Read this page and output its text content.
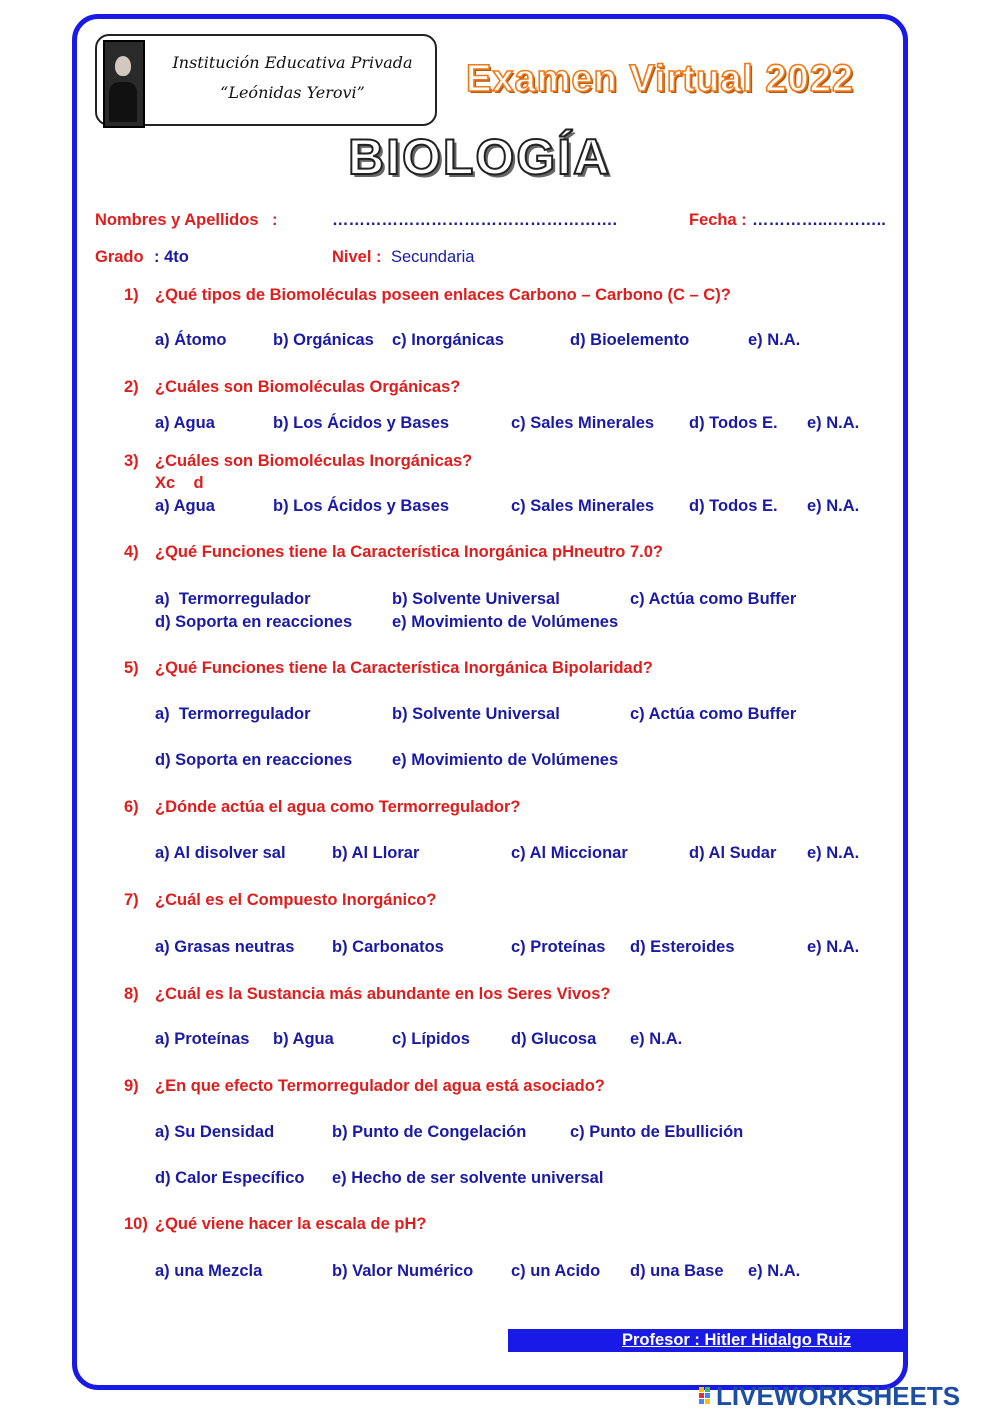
Institución Educativa Privada
“Leónidas Yerovi”	Examen Virtual 2022
BIOLOGÍA
Nombres y Apellidos :	…………………………………………….	Fecha : …………..………..
Grado : 4to	Nivel : Secundaria
1) ¿Qué tipos de Biomoléculas poseen enlaces Carbono – Carbono (C – C)?
a) Átomo	b) Orgánicas c) Inorgánicas	d) Bioelemento	e) N.A.
2) ¿Cuáles son Biomoléculas Orgánicas?
a) Agua	b) Los Ácidos y Bases	c) Sales Minerales d) Todos E. e) N.A.
3) ¿Cuáles son Biomoléculas Inorgánicas?
Xc    d
a) Agua	b) Los Ácidos y Bases	c) Sales Minerales d) Todos E. e) N.A.
4) ¿Qué Funciones tiene la Característica Inorgánica pHneutro 7.0?
a)  Termorregulador	b) Solvente Universal	c) Actúa como Buffer
d) Soporta en reacciones e) Movimiento de Volúmenes
5) ¿Qué Funciones tiene la Característica Inorgánica Bipolaridad?
a)  Termorregulador	b) Solvente Universal	c) Actúa como Buffer
d) Soporta en reacciones e) Movimiento de Volúmenes
6) ¿Dónde actúa el agua como Termorregulador?
a) Al disolver sal	b) Al Llorar	c) Al Miccionar	d) Al Sudar e) N.A.
7) ¿Cuál es el Compuesto Inorgánico?
a) Grasas neutras b) Carbonatos	c) Proteínas d) Esteroides	e) N.A.
8) ¿Cuál es la Sustancia más abundante en los Seres Vivos?
a) Proteínas b) Agua	c) Lípidos d) Glucosa e) N.A.
9) ¿En que efecto Termorregulador del agua está asociado?
a) Su Densidad	b) Punto de Congelación	c) Punto de Ebullición
d) Calor Específico e) Hecho de ser solvente universal
10) ¿Qué viene hacer la escala de pH?
a) una Mezcla	b) Valor Numérico c) un Acido d) una Base e) N.A.
Profesor : Hitler Hidalgo Ruiz
LIVEWORKSHEETS
